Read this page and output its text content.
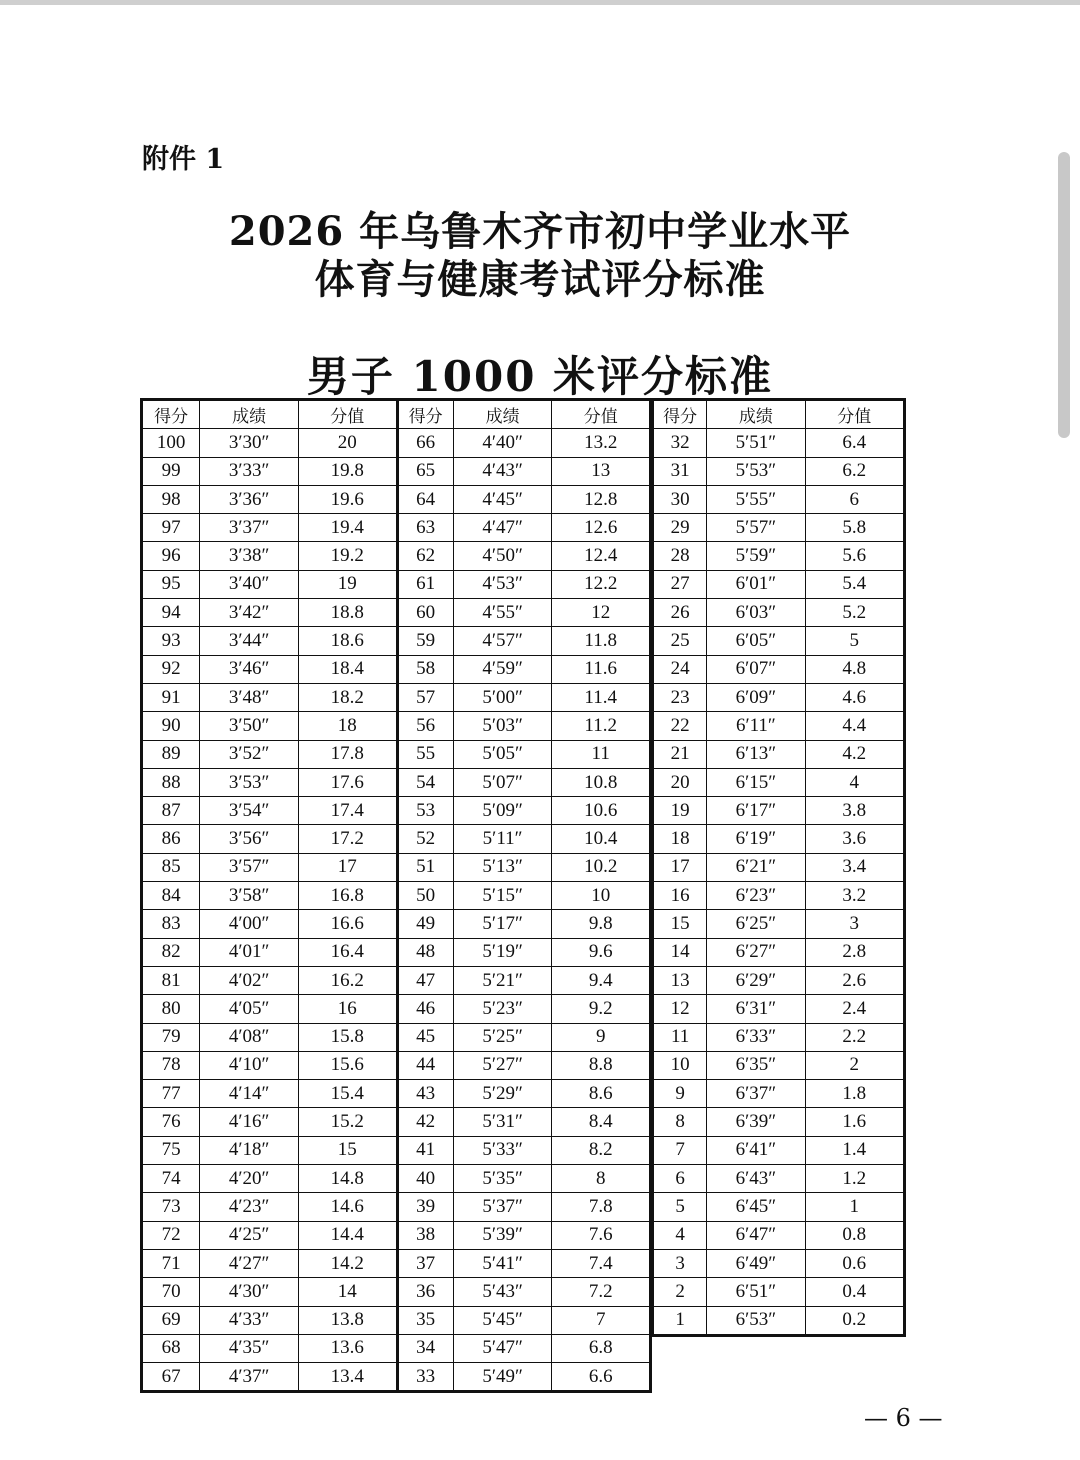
附件 1
2026 年乌鲁木齐市初中学业水平
体育与健康考试评分标准
男子 1000 米评分标准
得分	成绩	分值	得分	成绩	分值
100	3′30″	20	66	4′40″	13.2
99	3′33″	19.8	65	4′43″	13
98	3′36″	19.6	64	4′45″	12.8
97	3′37″	19.4	63	4′47″	12.6
96	3′38″	19.2	62	4′50″	12.4
95	3′40″	19	61	4′53″	12.2
94	3′42″	18.8	60	4′55″	12
93	3′44″	18.6	59	4′57″	11.8
92	3′46″	18.4	58	4′59″	11.6
91	3′48″	18.2	57	5′00″	11.4
90	3′50″	18	56	5′03″	11.2
89	3′52″	17.8	55	5′05″	11
88	3′53″	17.6	54	5′07″	10.8
87	3′54″	17.4	53	5′09″	10.6
86	3′56″	17.2	52	5′11″	10.4
85	3′57″	17	51	5′13″	10.2
84	3′58″	16.8	50	5′15″	10
83	4′00″	16.6	49	5′17″	9.8
82	4′01″	16.4	48	5′19″	9.6
81	4′02″	16.2	47	5′21″	9.4
80	4′05″	16	46	5′23″	9.2
79	4′08″	15.8	45	5′25″	9
78	4′10″	15.6	44	5′27″	8.8
77	4′14″	15.4	43	5′29″	8.6
76	4′16″	15.2	42	5′31″	8.4
75	4′18″	15	41	5′33″	8.2
74	4′20″	14.8	40	5′35″	8
73	4′23″	14.6	39	5′37″	7.8
72	4′25″	14.4	38	5′39″	7.6
71	4′27″	14.2	37	5′41″	7.4
70	4′30″	14	36	5′43″	7.2
69	4′33″	13.8	35	5′45″	7
68	4′35″	13.6	34	5′47″	6.8
67	4′37″	13.4	33	5′49″	6.6
得分	成绩	分值
32	5′51″	6.4
31	5′53″	6.2
30	5′55″	6
29	5′57″	5.8
28	5′59″	5.6
27	6′01″	5.4
26	6′03″	5.2
25	6′05″	5
24	6′07″	4.8
23	6′09″	4.6
22	6′11″	4.4
21	6′13″	4.2
20	6′15″	4
19	6′17″	3.8
18	6′19″	3.6
17	6′21″	3.4
16	6′23″	3.2
15	6′25″	3
14	6′27″	2.8
13	6′29″	2.6
12	6′31″	2.4
11	6′33″	2.2
10	6′35″	2
9	6′37″	1.8
8	6′39″	1.6
7	6′41″	1.4
6	6′43″	1.2
5	6′45″	1
4	6′47″	0.8
3	6′49″	0.6
2	6′51″	0.4
1	6′53″	0.2
— 6 —
